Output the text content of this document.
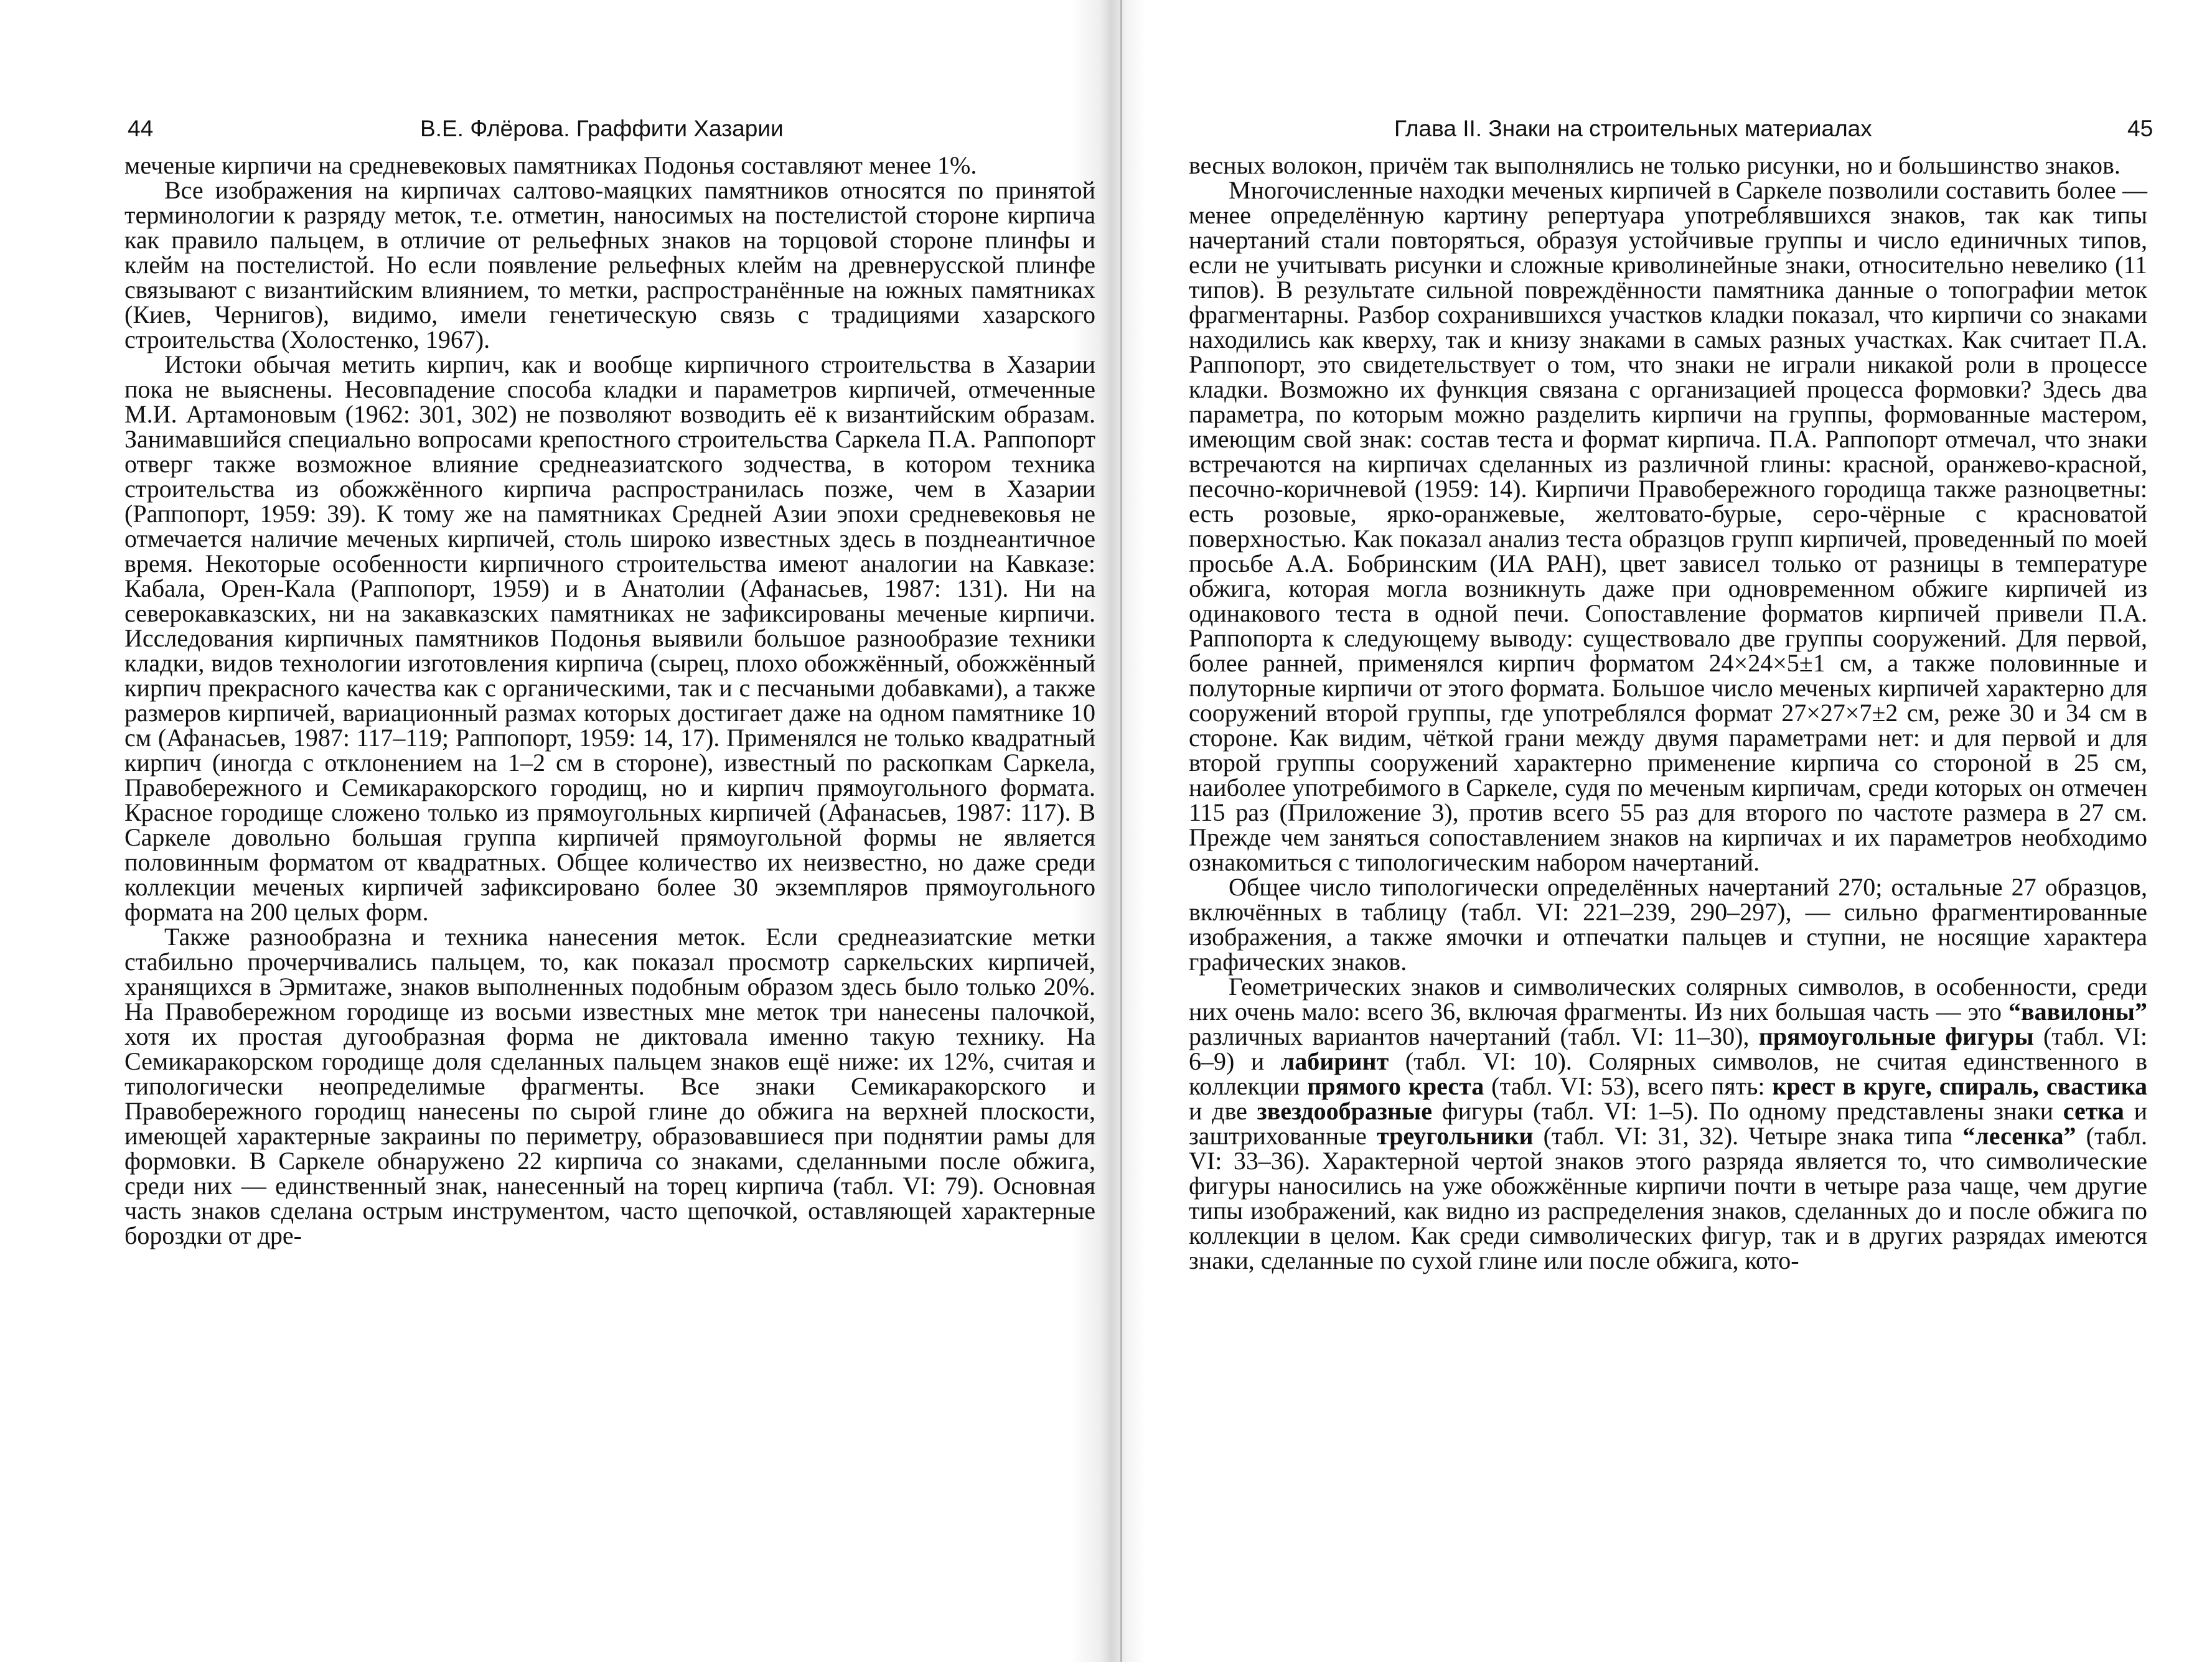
44	В.Е. Флёрова. Граффити Хазарии

меченые кирпичи на средневековых памятниках Подонья составляют менее 1%.

Все изображения на кирпичах салтово-маяцких памятников относятся по принятой терминологии к разряду меток, т.е. отметин, наносимых на постелистой стороне кирпича как правило пальцем, в отличие от рельефных знаков на торцовой стороне плинфы и клейм на постелистой. Но если появление рельефных клейм на древнерусской плинфе связывают с византийским влиянием, то метки, распространённые на южных памятниках (Киев, Чернигов), видимо, имели генетическую связь с традициями хазарского строительства (Холостенко, 1967).

Истоки обычая метить кирпич, как и вообще кирпичного строительства в Хазарии пока не выяснены. Несовпадение способа кладки и параметров кирпичей, отмеченные М.И. Артамоновым (1962: 301, 302) не позволяют возводить её к византийским образам. Занимавшийся специально вопросами крепостного строительства Саркела П.А. Раппопорт отверг также возможное влияние среднеазиатского зодчества, в котором техника строительства из обожжённого кирпича распространилась позже, чем в Хазарии (Раппопорт, 1959: 39). К тому же на памятниках Средней Азии эпохи средневековья не отмечается наличие меченых кирпичей, столь широко известных здесь в позднеантичное время. Некоторые особенности кирпичного строительства имеют аналогии на Кавказе: Кабала, Орен-Кала (Раппопорт, 1959) и в Анатолии (Афанасьев, 1987: 131). Ни на северокавказских, ни на закавказских памятниках не зафиксированы меченые кирпичи. Исследования кирпичных памятников Подонья выявили большое разнообразие техники кладки, видов технологии изготовления кирпича (сырец, плохо обожжённый, обожжённый кирпич прекрасного качества как с органическими, так и с песчаными добавками), а также размеров кирпичей, вариационный размах которых достигает даже на одном памятнике 10 см (Афанасьев, 1987: 117–119; Раппопорт, 1959: 14, 17). Применялся не только квадратный кирпич (иногда с отклонением на 1–2 см в стороне), известный по раскопкам Саркела, Правобережного и Семикаракорского городищ, но и кирпич прямоугольного формата. Красное городище сложено только из прямоугольных кирпичей (Афанасьев, 1987: 117). В Саркеле довольно большая группа кирпичей прямоугольной формы не является половинным форматом от квадратных. Общее количество их неизвестно, но даже среди коллекции меченых кирпичей зафиксировано более 30 экземпляров прямоугольного формата на 200 целых форм.

Также разнообразна и техника нанесения меток. Если среднеазиатские метки стабильно прочерчивались пальцем, то, как показал просмотр саркельских кирпичей, хранящихся в Эрмитаже, знаков выполненных подобным образом здесь было только 20%. На Правобережном городище из восьми известных мне меток три нанесены палочкой, хотя их простая дугообразная форма не диктовала именно такую технику. На Семикаракорском городище доля сделанных пальцем знаков ещё ниже: их 12%, считая и типологически неопределимые фрагменты. Все знаки Семикаракорского и Правобережного городищ нанесены по сырой глине до обжига на верхней плоскости, имеющей характерные закраины по периметру, образовавшиеся при поднятии рамы для формовки. В Саркеле обнаружено 22 кирпича со знаками, сделанными после обжига, среди них — единственный знак, нанесенный на торец кирпича (табл. VI: 79). Основная часть знаков сделана острым инструментом, часто щепочкой, оставляющей характерные бороздки от дре-

Глава II. Знаки на строительных материалах	45

весных волокон, причём так выполнялись не только рисунки, но и большинство знаков.

Многочисленные находки меченых кирпичей в Саркеле позволили составить более — менее определённую картину репертуара употреблявшихся знаков, так как типы начертаний стали повторяться, образуя устойчивые группы и число единичных типов, если не учитывать рисунки и сложные криволинейные знаки, относительно невелико (11 типов). В результате сильной повреждённости памятника данные о топографии меток фрагментарны. Разбор сохранившихся участков кладки показал, что кирпичи со знаками находились как кверху, так и книзу знаками в самых разных участках. Как считает П.А. Раппопорт, это свидетельствует о том, что знаки не играли никакой роли в процессе кладки. Возможно их функция связана с организацией процесса формовки? Здесь два параметра, по которым можно разделить кирпичи на группы, формованные мастером, имеющим свой знак: состав теста и формат кирпича. П.А. Раппопорт отмечал, что знаки встречаются на кирпичах сделанных из различной глины: красной, оранжево-красной, песочно-коричневой (1959: 14). Кирпичи Правобережного городища также разноцветны: есть розовые, ярко-оранжевые, желтовато-бурые, серо-чёрные с красноватой поверхностью. Как показал анализ теста образцов групп кирпичей, проведенный по моей просьбе А.А. Бобринским (ИА РАН), цвет зависел только от разницы в температуре обжига, которая могла возникнуть даже при одновременном обжиге кирпичей из одинакового теста в одной печи. Сопоставление форматов кирпичей привели П.А. Раппопорта к следующему выводу: существовало две группы сооружений. Для первой, более ранней, применялся кирпич форматом 24×24×5±1 см, а также половинные и полуторные кирпичи от этого формата. Большое число меченых кирпичей характерно для сооружений второй группы, где употреблялся формат 27×27×7±2 см, реже 30 и 34 см в стороне. Как видим, чёткой грани между двумя параметрами нет: и для первой и для второй группы сооружений характерно применение кирпича со стороной в 25 см, наиболее употребимого в Саркеле, судя по меченым кирпичам, среди которых он отмечен 115 раз (Приложение 3), против всего 55 раз для второго по частоте размера в 27 см. Прежде чем заняться сопоставлением знаков на кирпичах и их параметров необходимо ознакомиться с типологическим набором начертаний.

Общее число типологически определённых начертаний 270; остальные 27 образцов, включённых в таблицу (табл. VI: 221–239, 290–297), — сильно фрагментированные изображения, а также ямочки и отпечатки пальцев и ступни, не носящие характера графических знаков.

Геометрических знаков и символических солярных символов, в особенности, среди них очень мало: всего 36, включая фрагменты. Из них большая часть — это “вавилоны” различных вариантов начертаний (табл. VI: 11–30), прямоугольные фигуры (табл. VI: 6–9) и лабиринт (табл. VI: 10). Солярных символов, не считая единственного в коллекции прямого креста (табл. VI: 53), всего пять: крест в круге, спираль, свастика и две звездообразные фигуры (табл. VI: 1–5). По одному представлены знаки сетка и заштрихованные треугольники (табл. VI: 31, 32). Четыре знака типа “лесенка” (табл. VI: 33–36). Характерной чертой знаков этого разряда является то, что символические фигуры наносились на уже обожжённые кирпичи почти в четыре раза чаще, чем другие типы изображений, как видно из распределения знаков, сделанных до и после обжига по коллекции в целом. Как среди символических фигур, так и в других разрядах имеются знаки, сделанные по сухой глине или после обжига, кото-
